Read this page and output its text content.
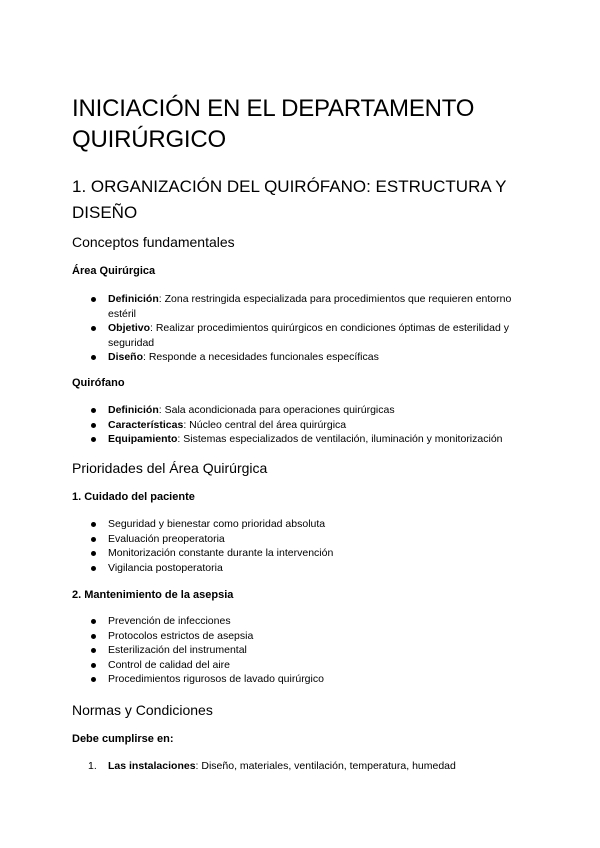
INICIACIÓN EN EL DEPARTAMENTO QUIRÚRGICO
1. ORGANIZACIÓN DEL QUIRÓFANO: ESTRUCTURA Y DISEÑO
Conceptos fundamentales
Área Quirúrgica
Definición: Zona restringida especializada para procedimientos que requieren entorno estéril
Objetivo: Realizar procedimientos quirúrgicos en condiciones óptimas de esterilidad y seguridad
Diseño: Responde a necesidades funcionales específicas
Quirófano
Definición: Sala acondicionada para operaciones quirúrgicas
Características: Núcleo central del área quirúrgica
Equipamiento: Sistemas especializados de ventilación, iluminación y monitorización
Prioridades del Área Quirúrgica
1. Cuidado del paciente
Seguridad y bienestar como prioridad absoluta
Evaluación preoperatoria
Monitorización constante durante la intervención
Vigilancia postoperatoria
2. Mantenimiento de la asepsia
Prevención de infecciones
Protocolos estrictos de asepsia
Esterilización del instrumental
Control de calidad del aire
Procedimientos rigurosos de lavado quirúrgico
Normas y Condiciones
Debe cumplirse en:
1. Las instalaciones: Diseño, materiales, ventilación, temperatura, humedad
